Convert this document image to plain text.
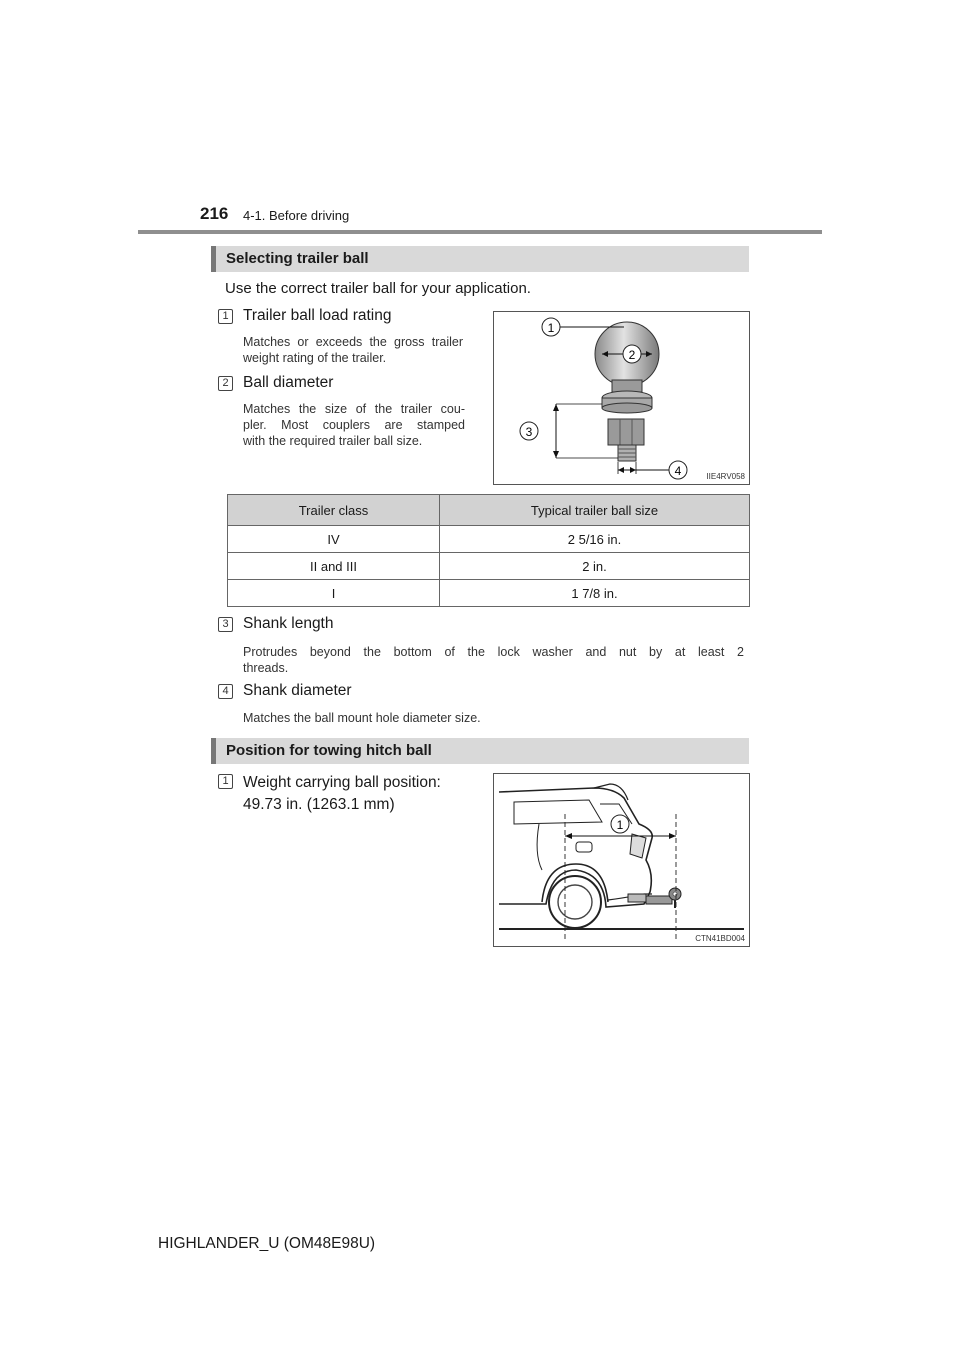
216 4-1. Before driving
Selecting trailer ball
Use the correct trailer ball for your application.
1 Trailer ball load rating
Matches or exceeds the gross trailer weight rating of the trailer.
2 Ball diameter
Matches the size of the trailer cou-
pler. Most couplers are stamped
with the required trailer ball size.
1
2
3
4	IIE4RV058
Trailer class	Typical trailer ball size
IV	2 5/16 in.
II and III	2 in.
I	1 7/8 in.
3 Shank length
Protrudes beyond the bottom of the lock washer and nut by at least 2
threads.
4 Shank diameter
Matches the ball mount hole diameter size.
Position for towing hitch ball
1 Weight carrying ball position:
49.73 in. (1263.1 mm)
1
CTN41BD004
HIGHLANDER_U (OM48E98U)
